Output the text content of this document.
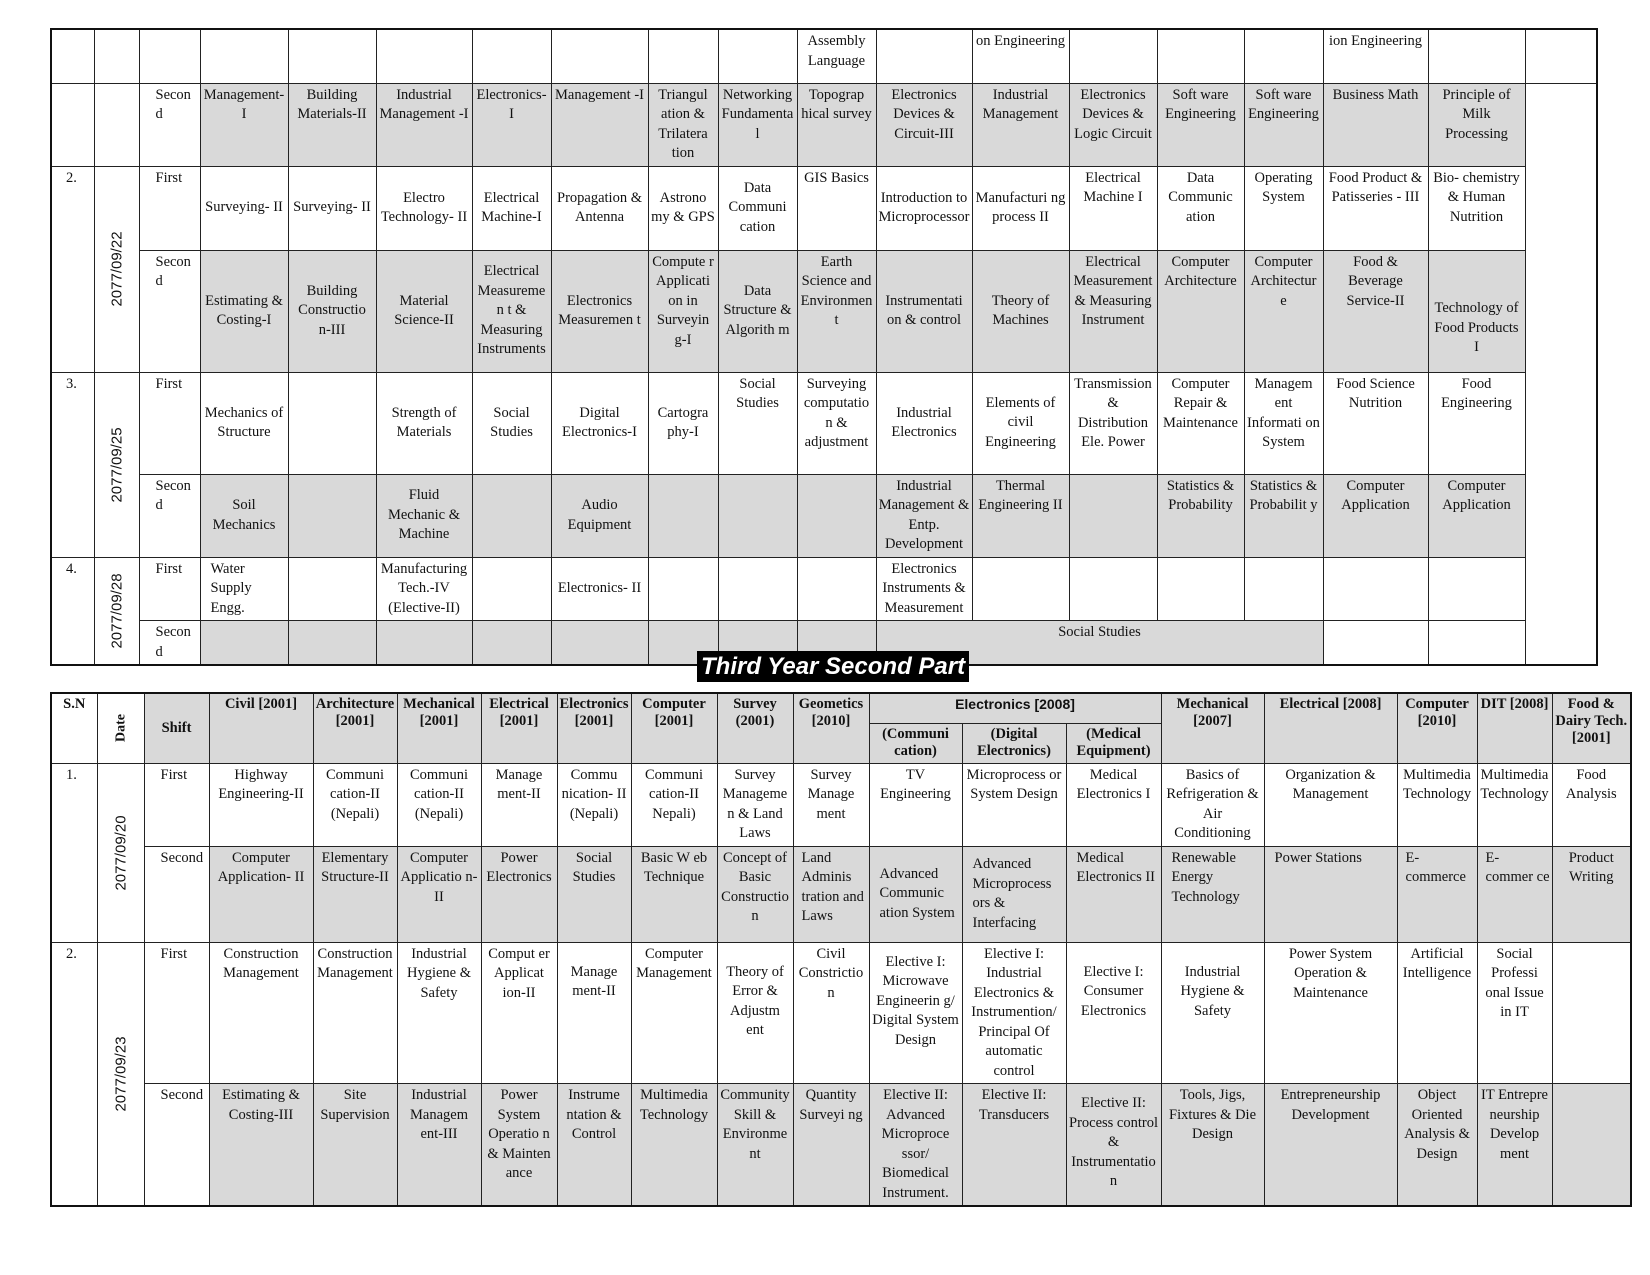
										Assembly Language		on Engineering				ion Engineering		
		Second	Management-I	Building Materials-II	Industrial Management -I	Electronics-I	Management -I	Triangul ation & Trilatera tion	Networking Fundamental	Topograp hical survey	Electronics Devices & Circuit-III	Industrial Management	Electronics Devices & Logic Circuit	Soft ware Engineering	Soft ware Engineering	Business Math	Principle of Milk Processing	
2.	2077/09/22	First	Surveying- II	Surveying- II	Electro Technology- II	Electrical Machine-I	Propagation & Antenna	Astrono my & GPS	Data Communi cation	GIS Basics	Introduction to Microprocessor	Manufacturi ng process II	Electrical Machine I	Data Communic ation	Operating System	Food Product & Patisseries - III	Bio- chemistry & Human Nutrition	
		Second	Estimating & Costing-I	Building Constructio n-III	Material Science-II	Electrical Measuremen t & Measuring Instruments	Electronics Measuremen t	Compute r Applicati on in Surveyin g-I	Data Structure & Algorith m	Earth Science and Environment	Instrumentati on & control	Theory of Machines	Electrical Measurement & Measuring Instrument	Computer Architecture	Computer Architectur e	Food & Beverage Service-II	Technology of Food Products I	
3.	2077/09/25	First	Mechanics of Structure		Strength of Materials	Social Studies	Digital Electronics-I	Cartogra phy-I	Social Studies	Surveying computatio n & adjustment	Industrial Electronics	Elements of civil Engineering	Transmission & Distribution Ele. Power	Computer Repair & Maintenance	Managem ent Informati on System	Food Science Nutrition	Food Engineering	
		Second	Soil Mechanics		Fluid Mechanic & Machine		Audio Equipment				Industrial Management & Entp. Development	Thermal Engineering II		Statistics & Probability	Statistics & Probabilit y	Computer Application	Computer Application	
4.	2077/09/28	First	Water Supply Engg.		Manufacturing Tech.-IV (Elective-II)		Electronics- II				Electronics Instruments & Measurement							
		Second									Social Studies							
Third Year Second Part
S.N	Date	Shift	Civil [2001]	Architecture [2001]	Mechanical [2001]	Electrical [2001]	Electronics [2001]	Computer [2001]	Survey (2001)	Geometics [2010]	Electronics [2008]			Mechanical [2007]	Electrical [2008]	Computer [2010]	DIT [2008]	Food & Dairy Tech.[2001]
											(Communi cation)	(Digital Electronics)	(Medical Equipment)					
1.	2077/09/20	First	Highway Engineering-II	Communi cation-II (Nepali)	Communi cation-II (Nepali)	Manage ment-II	Commu nication- II (Nepali)	Communi cation-II Nepali)	Survey Managemen & Land Laws	Survey Manage ment	TV Engineering	Microprocess or System Design	Medical Electronics I	Basics of Refrigeration & Air Conditioning	Organization & Management	Multimedia Technology	Multimedia Technology	Food Analysis
		Second	Computer Application- II	Elementary Structure-II	Computer Applicatio n-II	Power Electronics	Social Studies	Basic W eb Technique	Concept of Basic Constructio n	Land Adminis tration and Laws	Advanced Communic ation System	Advanced Microprocess ors & Interfacing	Medical Electronics II	Renewable Energy Technology	Power Stations	E- commerce	E- commer ce	Product Writing
2.	2077/09/23	First	Construction Management	Construction Management	Industrial Hygiene & Safety	Comput er Applicat ion-II	Manage ment-II	Computer Management	Theory of Error & Adjustm ent	Civil Constrictio n	Elective I: Microwave Engineerin g/ Digital System Design	Elective I: Industrial Electronics & Instrumention/ Principal Of automatic control	Elective I: Consumer Electronics	Industrial Hygiene & Safety	Power System Operation & Maintenance	Artificial Intelligence	Social Professi onal Issue in IT	
		Second	Estimating & Costing-III	Site Supervision	Industrial Managem ent-III	Power System Operatio n & Mainten ance	Instrume ntation & Control	Multimedia Technology	Community Skill & Environme nt	Quantity Surveyi ng	Elective II: Advanced Microproce ssor/ Biomedical Instrument.	Elective II: Transducers	Elective II: Process control & Instrumentatio n	Tools, Jigs, Fixtures & Die Design	Entrepreneurship Development	Object Oriented Analysis & Design	IT Entrepre neurship Develop ment	
